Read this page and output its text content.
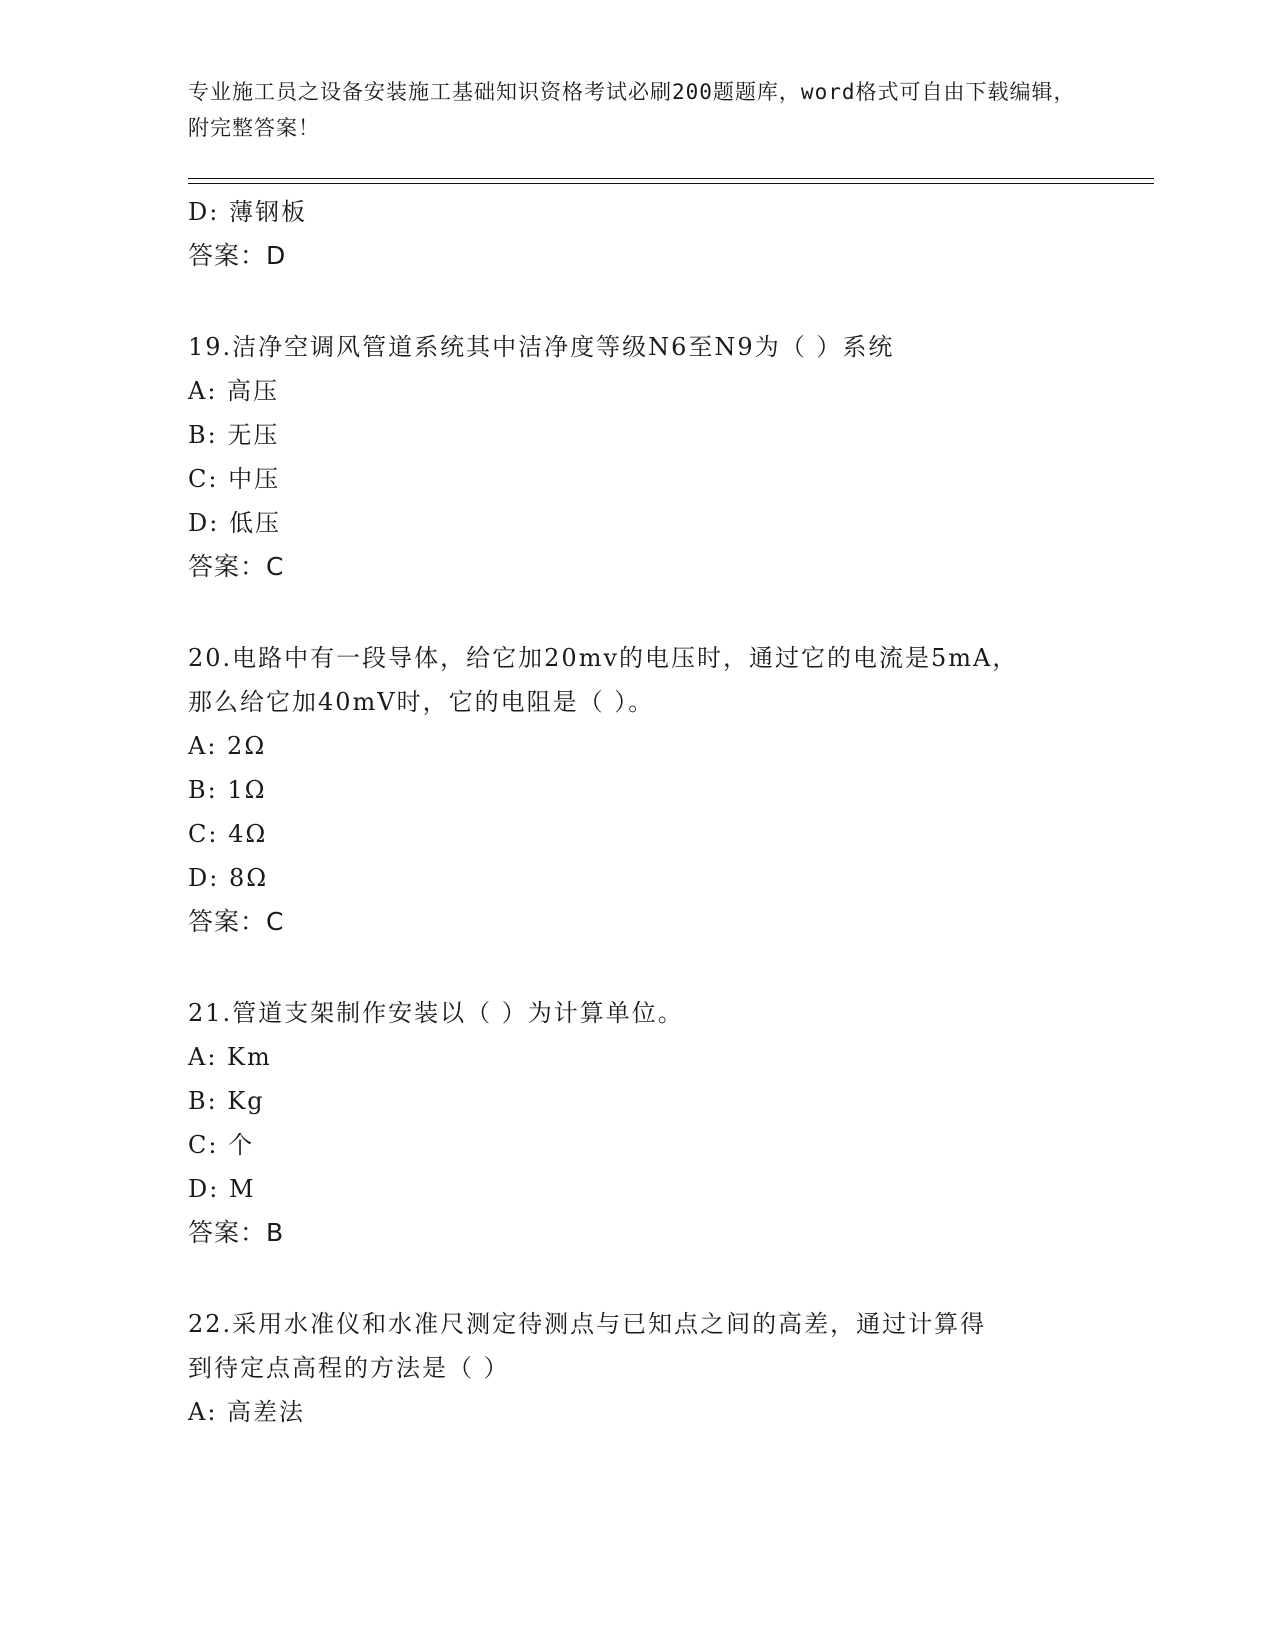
专业施工员之设备安装施工基础知识资格考试必刷200题题库，word格式可自由下载编辑，附完整答案！
D: 薄钢板
答案：D
19.洁净空调风管道系统其中洁净度等级N6至N9为（ ）系统
A: 高压
B: 无压
C: 中压
D: 低压
答案：C
20.电路中有一段导体，给它加20mv的电压时，通过它的电流是5mA，
那么给它加40mV时，它的电阻是（ ）。
A: 2Ω
B: 1Ω
C: 4Ω
D: 8Ω
答案：C
21.管道支架制作安装以（ ）为计算单位。
A: Km
B: Kg
C: 个
D: M
答案：B
22.采用水准仪和水准尺测定待测点与已知点之间的高差，通过计算得
到待定点高程的方法是（ ）
A: 高差法
